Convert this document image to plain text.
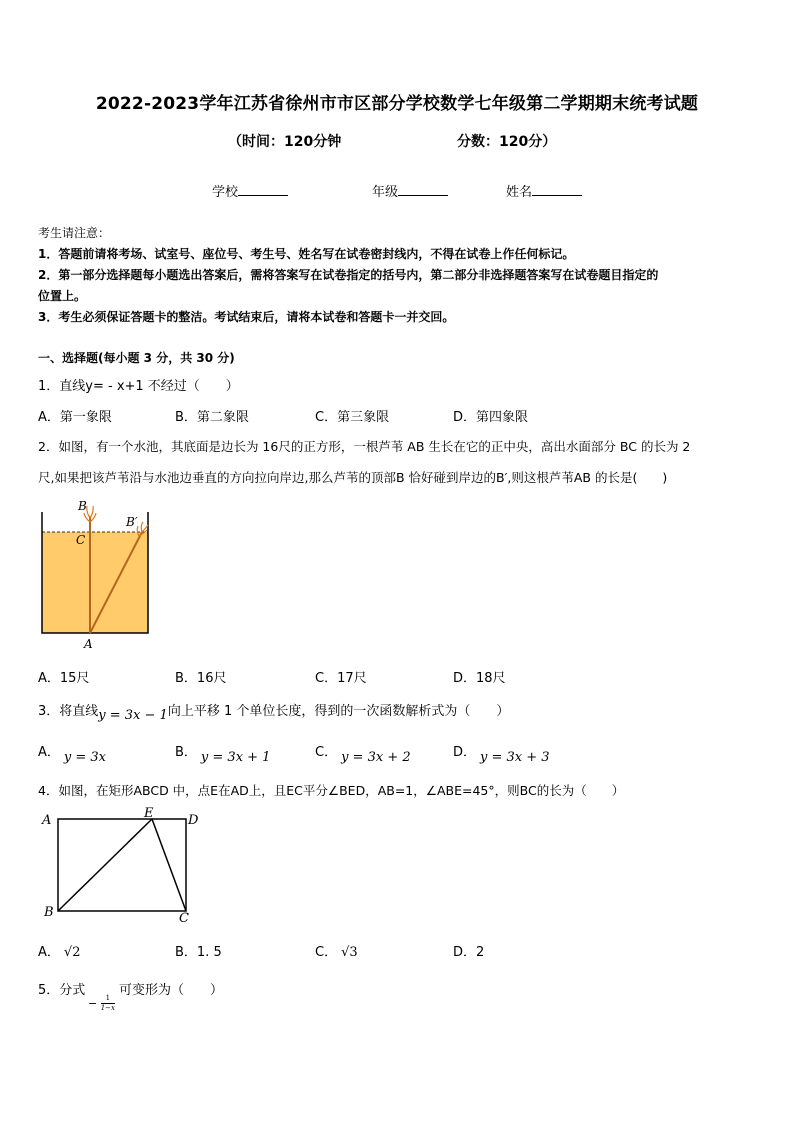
2022-2023学年江苏省徐州市市区部分学校数学七年级第二学期期末统考试题
（时间：120分钟	分数：120分）
学校	年级	姓名
考生请注意：
1．答题前请将考场、试室号、座位号、考生号、姓名写在试卷密封线内，不得在试卷上作任何标记。
2．第一部分选择题每小题选出答案后，需将答案写在试卷指定的括号内，第二部分非选择题答案写在试卷题目指定的
位置上。
3．考生必须保证答题卡的整洁。考试结束后，请将本试卷和答题卡一并交回。
一、选择题(每小题 3 分，共 30 分)
1．直线y= - x+1 不经过（　　）
A．第一象限	B．第二象限	C．第三象限	D．第四象限
2．如图，有一个水池，其底面是边长为 16尺的正方形，一根芦苇 AB 生长在它的正中央，高出水面部分 BC 的长为 2
尺,如果把该芦苇沿与水池边垂直的方向拉向岸边,那么芦苇的顶部B 恰好碰到岸边的B′,则这根芦苇AB 的长是(　　)
B
B′
C
A
A．15尺	B．16尺	C．17尺	D．18尺
3．将直线y = 3x − 1向上平移 1 个单位长度，得到的一次函数解析式为（　　）
A． y = 3x	B． y = 3x + 1	C． y = 3x + 2	D． y = 3x + 3
4．如图，在矩形ABCD 中，点E在AD上，且EC平分∠BED，AB=1，∠ABE=45°，则BC的长为（　　）
A	E	D
B	C
A． √2	B．1. 5	C． √3	D．2
5．分式
− $\frac{1}{1-x}$
可变形为（　　）
